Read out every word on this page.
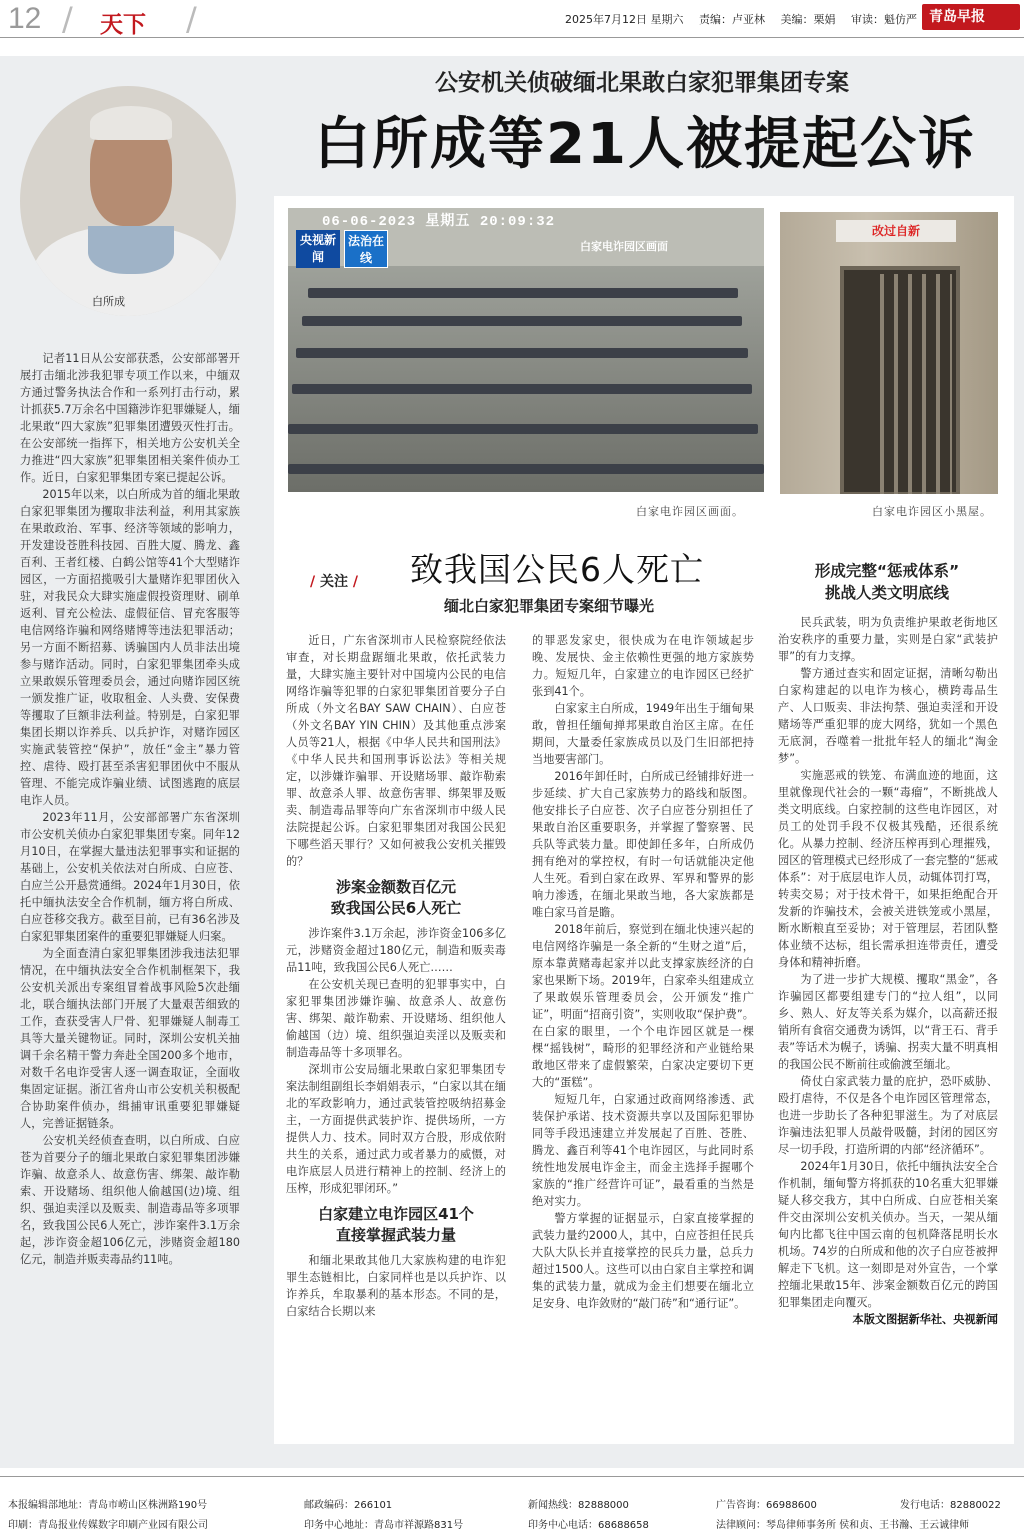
12 / 天下 /	2025年7月12日 星期六 责编：卢亚林 美编：栗娟 审读：魁仿严 青岛早报
白所成

记者11日从公安部获悉，公安部部署开展打击缅北涉我犯罪专项工作以来，中缅双方通过警务执法合作和一系列打击行动，累计抓获5.7万余名中国籍涉诈犯罪嫌疑人，缅北果敢“四大家族”犯罪集团遭毁灭性打击。在公安部统一指挥下，相关地方公安机关全力推进“四大家族”犯罪集团相关案件侦办工作。近日，白家犯罪集团专案已提起公诉。

2015年以来，以白所成为首的缅北果敢白家犯罪集团为攫取非法利益，利用其家族在果敢政治、军事、经济等领域的影响力，开发建设苍胜科技园、百胜大厦、腾龙、鑫百利、王者红楼、白鹤公馆等41个大型赌诈园区，一方面招揽吸引大量赌诈犯罪团伙入驻，对我民众大肆实施虚假投资理财、刷单返利、冒充公检法、虚假征信、冒充客服等电信网络诈骗和网络赌博等违法犯罪活动；另一方面不断招募、诱骗国内人员非法出境参与赌诈活动。同时，白家犯罪集团牵头成立果敢娱乐管理委员会，通过向赌诈园区统一颁发推广证，收取租金、人头费、安保费等攫取了巨额非法利益。特别是，白家犯罪集团长期以诈养兵、以兵护诈，对赌诈园区实施武装管控“保护”，放任“金主”暴力管控、虐待、殴打甚至杀害犯罪团伙中不服从管理、不能完成诈骗业绩、试图逃跑的底层电诈人员。

2023年11月，公安部部署广东省深圳市公安机关侦办白家犯罪集团专案。同年12月10日，在掌握大量违法犯罪事实和证据的基础上，公安机关依法对白所成、白应苍、白应兰公开悬赏通缉。2024年1月30日，依托中缅执法安全合作机制，缅方将白所成、白应苍移交我方。截至目前，已有36名涉及白家犯罪集团案件的重要犯罪嫌疑人归案。

为全面查清白家犯罪集团涉我违法犯罪情况，在中缅执法安全合作机制框架下，我公安机关派出专案组冒着战事风险5次赴缅北，联合缅执法部门开展了大量艰苦细致的工作，查获受害人尸骨、犯罪嫌疑人制毒工具等大量关键物证。同时，深圳公安机关抽调千余名精干警力奔赴全国200多个地市，对数千名电诈受害人逐一调查取证，全面收集固定证据。浙江省舟山市公安机关积极配合协助案件侦办，缉捕审讯重要犯罪嫌疑人，完善证据链条。

公安机关经侦查查明，以白所成、白应苍为首要分子的缅北果敢白家犯罪集团涉嫌诈骗、故意杀人、故意伤害、绑架、敲诈勒索、开设赌场、组织他人偷越国(边)境、组织、强迫卖淫以及贩卖、制造毒品等多项罪名，致我国公民6人死亡，涉诈案件3.1万余起，涉诈资金超106亿元，涉赌资金超180亿元，制造并贩卖毒品约11吨。

公安机关侦破缅北果敢白家犯罪集团专案
白所成等21人被提起公诉
06-06-2023 星期五 20:09:32
央视新闻
法治在线
白家电诈园区画面
白家电诈园区画面。
改过自新
白家电诈园区小黑屋。
/ 关注 / 致我国公民6人死亡
缅北白家犯罪集团专案细节曝光
形成完整“惩戒体系”
挑战人类文明底线

近日，广东省深圳市人民检察院经依法审查，对长期盘踞缅北果敢，依托武装力量，大肆实施主要针对中国境内公民的电信网络诈骗等犯罪的白家犯罪集团首要分子白所成（外文名BAY SAW CHAIN）、白应苍（外文名BAY YIN CHIN）及其他重点涉案人员等21人，根据《中华人民共和国刑法》《中华人民共和国刑事诉讼法》等相关规定，以涉嫌诈骗罪、开设赌场罪、敲诈勒索罪、故意杀人罪、故意伤害罪、绑架罪及贩卖、制造毒品罪等向广东省深圳市中级人民法院提起公诉。白家犯罪集团对我国公民犯下哪些滔天罪行？又如何被我公安机关摧毁的？

涉案金额数百亿元
致我国公民6人死亡

涉诈案件3.1万余起，涉诈资金106多亿元，涉赌资金超过180亿元，制造和贩卖毒品11吨，致我国公民6人死亡……

在公安机关现已查明的犯罪事实中，白家犯罪集团涉嫌诈骗、故意杀人、故意伤害、绑架、敲诈勒索、开设赌场、组织他人偷越国（边）境、组织强迫卖淫以及贩卖和制造毒品等十多项罪名。

深圳市公安局缅北果敢白家犯罪集团专案法制组副组长李娟娟表示，“白家以其在缅北的军政影响力，通过武装管控吸纳招募金主，一方面提供武装护诈、提供场所，一方提供人力、技术。同时双方合股，形成依附共生的关系，通过武力或者暴力的威慑，对电诈底层人员进行精神上的控制、经济上的压榨，形成犯罪闭环。”

白家建立电诈园区41个
直接掌握武装力量

和缅北果敢其他几大家族构建的电诈犯罪生态链相比，白家同样也是以兵护诈、以诈养兵，牟取暴利的基本形态。不同的是，白家结合长期以来

的罪恶发家史，很快成为在电诈领域起步晚、发展快、金主依赖性更强的地方家族势力。短短几年，白家建立的电诈园区已经扩张到41个。

白家家主白所成，1949年出生于缅甸果敢，曾担任缅甸掸邦果敢自治区主席。在任期间，大量委任家族成员以及门生旧部把持当地要害部门。

2016年卸任时，白所成已经铺排好进一步延续、扩大自己家族势力的路线和版图。他安排长子白应苍、次子白应苍分别担任了果敢自治区重要职务，并掌握了警察署、民兵队等武装力量。即使卸任多年，白所成仍拥有绝对的掌控权，有时一句话就能决定他人生死。看到白家在政界、军界和警界的影响力渗透，在缅北果敢当地，各大家族都是唯白家马首是瞻。

2018年前后，察觉到在缅北快速兴起的电信网络诈骗是一条全新的“生财之道”后，原本靠黄赌毒起家并以此支撑家族经济的白家也果断下场。2019年，白家牵头组建成立了果敢娱乐管理委员会，公开颁发“推广证”，明面“招商引资”，实则收取“保护费”。在白家的眼里，一个个电诈园区就是一棵棵“摇钱树”，畸形的犯罪经济和产业链给果敢地区带来了虚假繁荣，白家决定要切下更大的“蛋糕”。

短短几年，白家通过政商网络渗透、武装保护承诺、技术资源共享以及国际犯罪协同等手段迅速建立并发展起了百胜、苍胜、腾龙、鑫百利等41个电诈园区，与此同时系统性地发展电诈金主，而金主选择手握哪个家族的“推广经营许可证”，最看重的当然是绝对实力。

警方掌握的证据显示，白家直接掌握的武装力量约2000人，其中，白应苍担任民兵大队大队长并直接掌控的民兵力量，总兵力超过1500人。这些可以由白家自主掌控和调集的武装力量，就成为金主们想要在缅北立足安身、电诈敛财的“敲门砖”和“通行证”。

民兵武装，明为负责维护果敢老街地区治安秩序的重要力量，实则是白家“武装护罪”的有力支撑。

警方通过查实和固定证据，清晰勾勒出白家构建起的以电诈为核心，横跨毒品生产、人口贩卖、非法拘禁、强迫卖淫和开设赌场等严重犯罪的庞大网络，犹如一个黑色无底洞，吞噬着一批批年轻人的缅北“淘金梦”。

实施恶戒的铁笼、布满血迹的地面，这里就像现代社会的一颗“毒瘤”，不断挑战人类文明底线。白家控制的这些电诈园区，对员工的处罚手段不仅极其残酷，还很系统化。从暴力控制、经济压榨再到心理摧残，园区的管理模式已经形成了一套完整的“惩戒体系”：对于底层电诈人员，动辄体罚打骂，转卖交易；对于技术骨干，如果拒绝配合开发新的诈骗技术，会被关进铁笼或小黑屋，断水断粮直至妥协；对于管理层，若团队整体业绩不达标，组长需承担连带责任，遭受身体和精神折磨。

为了进一步扩大规模、攫取“黑金”，各诈骗园区都要组建专门的“拉人组”，以同乡、熟人、好友等关系为媒介，以高薪还报销所有食宿交通费为诱饵，以“背王石、背手表”等话术为幌子，诱骗、拐卖大量不明真相的我国公民不断前往或偷渡至缅北。

倚仗白家武装力量的庇护，恐吓威胁、殴打虐待，不仅是各个电诈园区管理常态，也进一步助长了各种犯罪滋生。为了对底层诈骗违法犯罪人员敲骨吸髓，封闭的园区穷尽一切手段，打造所谓的内部“经济循环”。

2024年1月30日，依托中缅执法安全合作机制，缅甸警方将抓获的10名重大犯罪嫌疑人移交我方，其中白所成、白应苍相关案件交由深圳公安机关侦办。当天，一架从缅甸内比都飞往中国云南的包机降落昆明长水机场。74岁的白所成和他的次子白应苍被押解走下飞机。这一刻即是对外宣告，一个掌控缅北果敢15年、涉案金额数百亿元的跨国犯罪集团走向覆灭。

本版文图据新华社、央视新闻

本报编辑部地址：青岛市崂山区株洲路190号	邮政编码：266101	新闻热线：82888000	广告咨询：66988600	发行电话：82880022
印刷：青岛报业传媒数字印刷产业园有限公司	印务中心地址：青岛市祥源路831号	印务中心电话：68688658	法律顾问：琴岛律师事务所 侯和贞、王书瀚、王云诚律师
